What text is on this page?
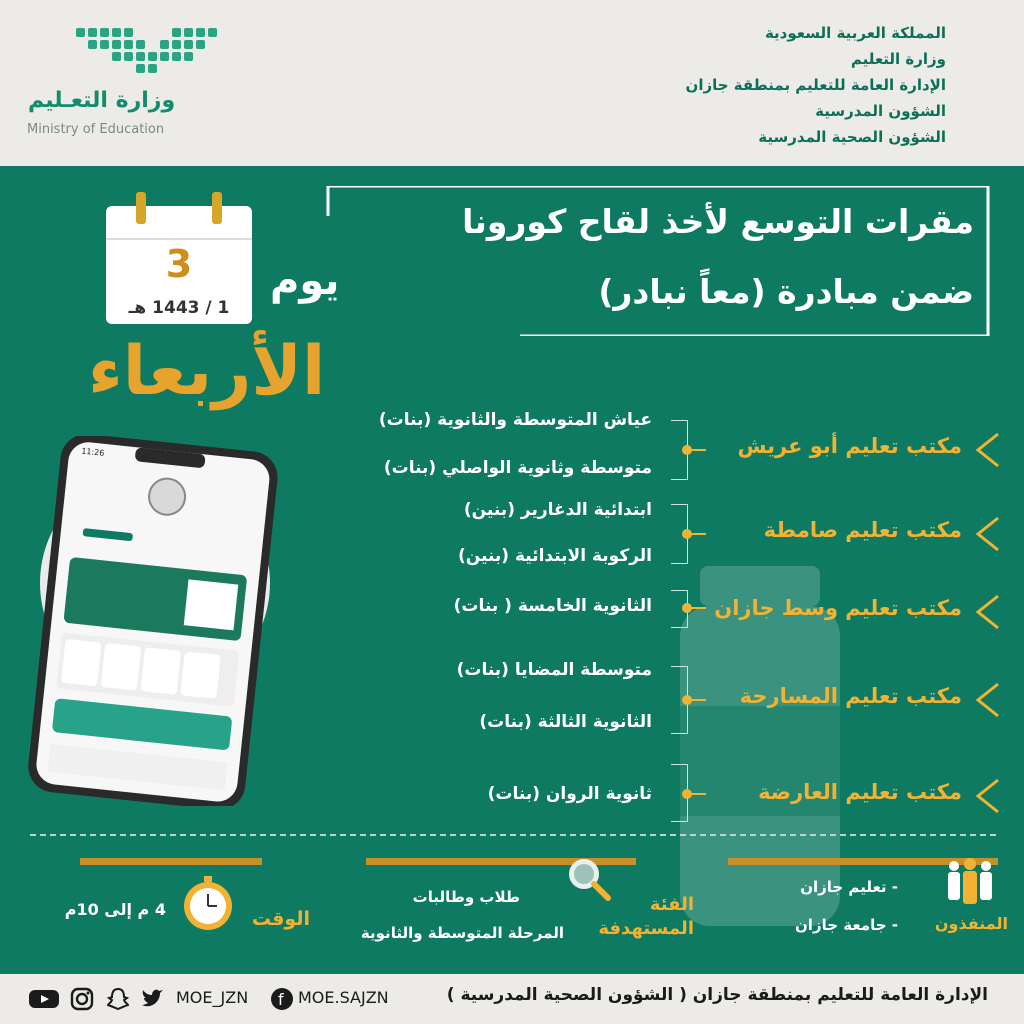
المملكة العربية السعودية
وزارة التعليم
الإدارة العامة للتعليم بمنطقة جازان
الشؤون المدرسية
الشؤون الصحية المدرسية
وزارة التعـليم
Ministry of Education
مقرات التوسع لأخذ لقاح كورونا
ضمن مبادرة (معاً نبادر)
3
1 / 1443 هـ
يوم
الأربعاء
11:26	مكتب تعليم أبو عريش
عياش المتوسطة والثانوية (بنات)
متوسطة وثانوية الواصلي (بنات)
مكتب تعليم صامطة
ابتدائية الدغارير (بنين)
الركوبة الابتدائية (بنين)
مكتب تعليم وسط جازان
الثانوية الخامسة ( بنات)
مكتب تعليم المسارحة
متوسطة المضايا (بنات)
الثانوية الثالثة (بنات)
مكتب تعليم العارضة
ثانوية الروان (بنات)
المنفذون
- تعليم جازان
- جامعة جازان
الفئة
المستهدفة
طلاب وطالبات
المرحلة المتوسطة والثانوية
الوقت
4 م إلى 10م
الإدارة العامة للتعليم بمنطقة جازان ( الشؤون الصحية المدرسية )
f MOE.SAJZN
MOE_JZN
